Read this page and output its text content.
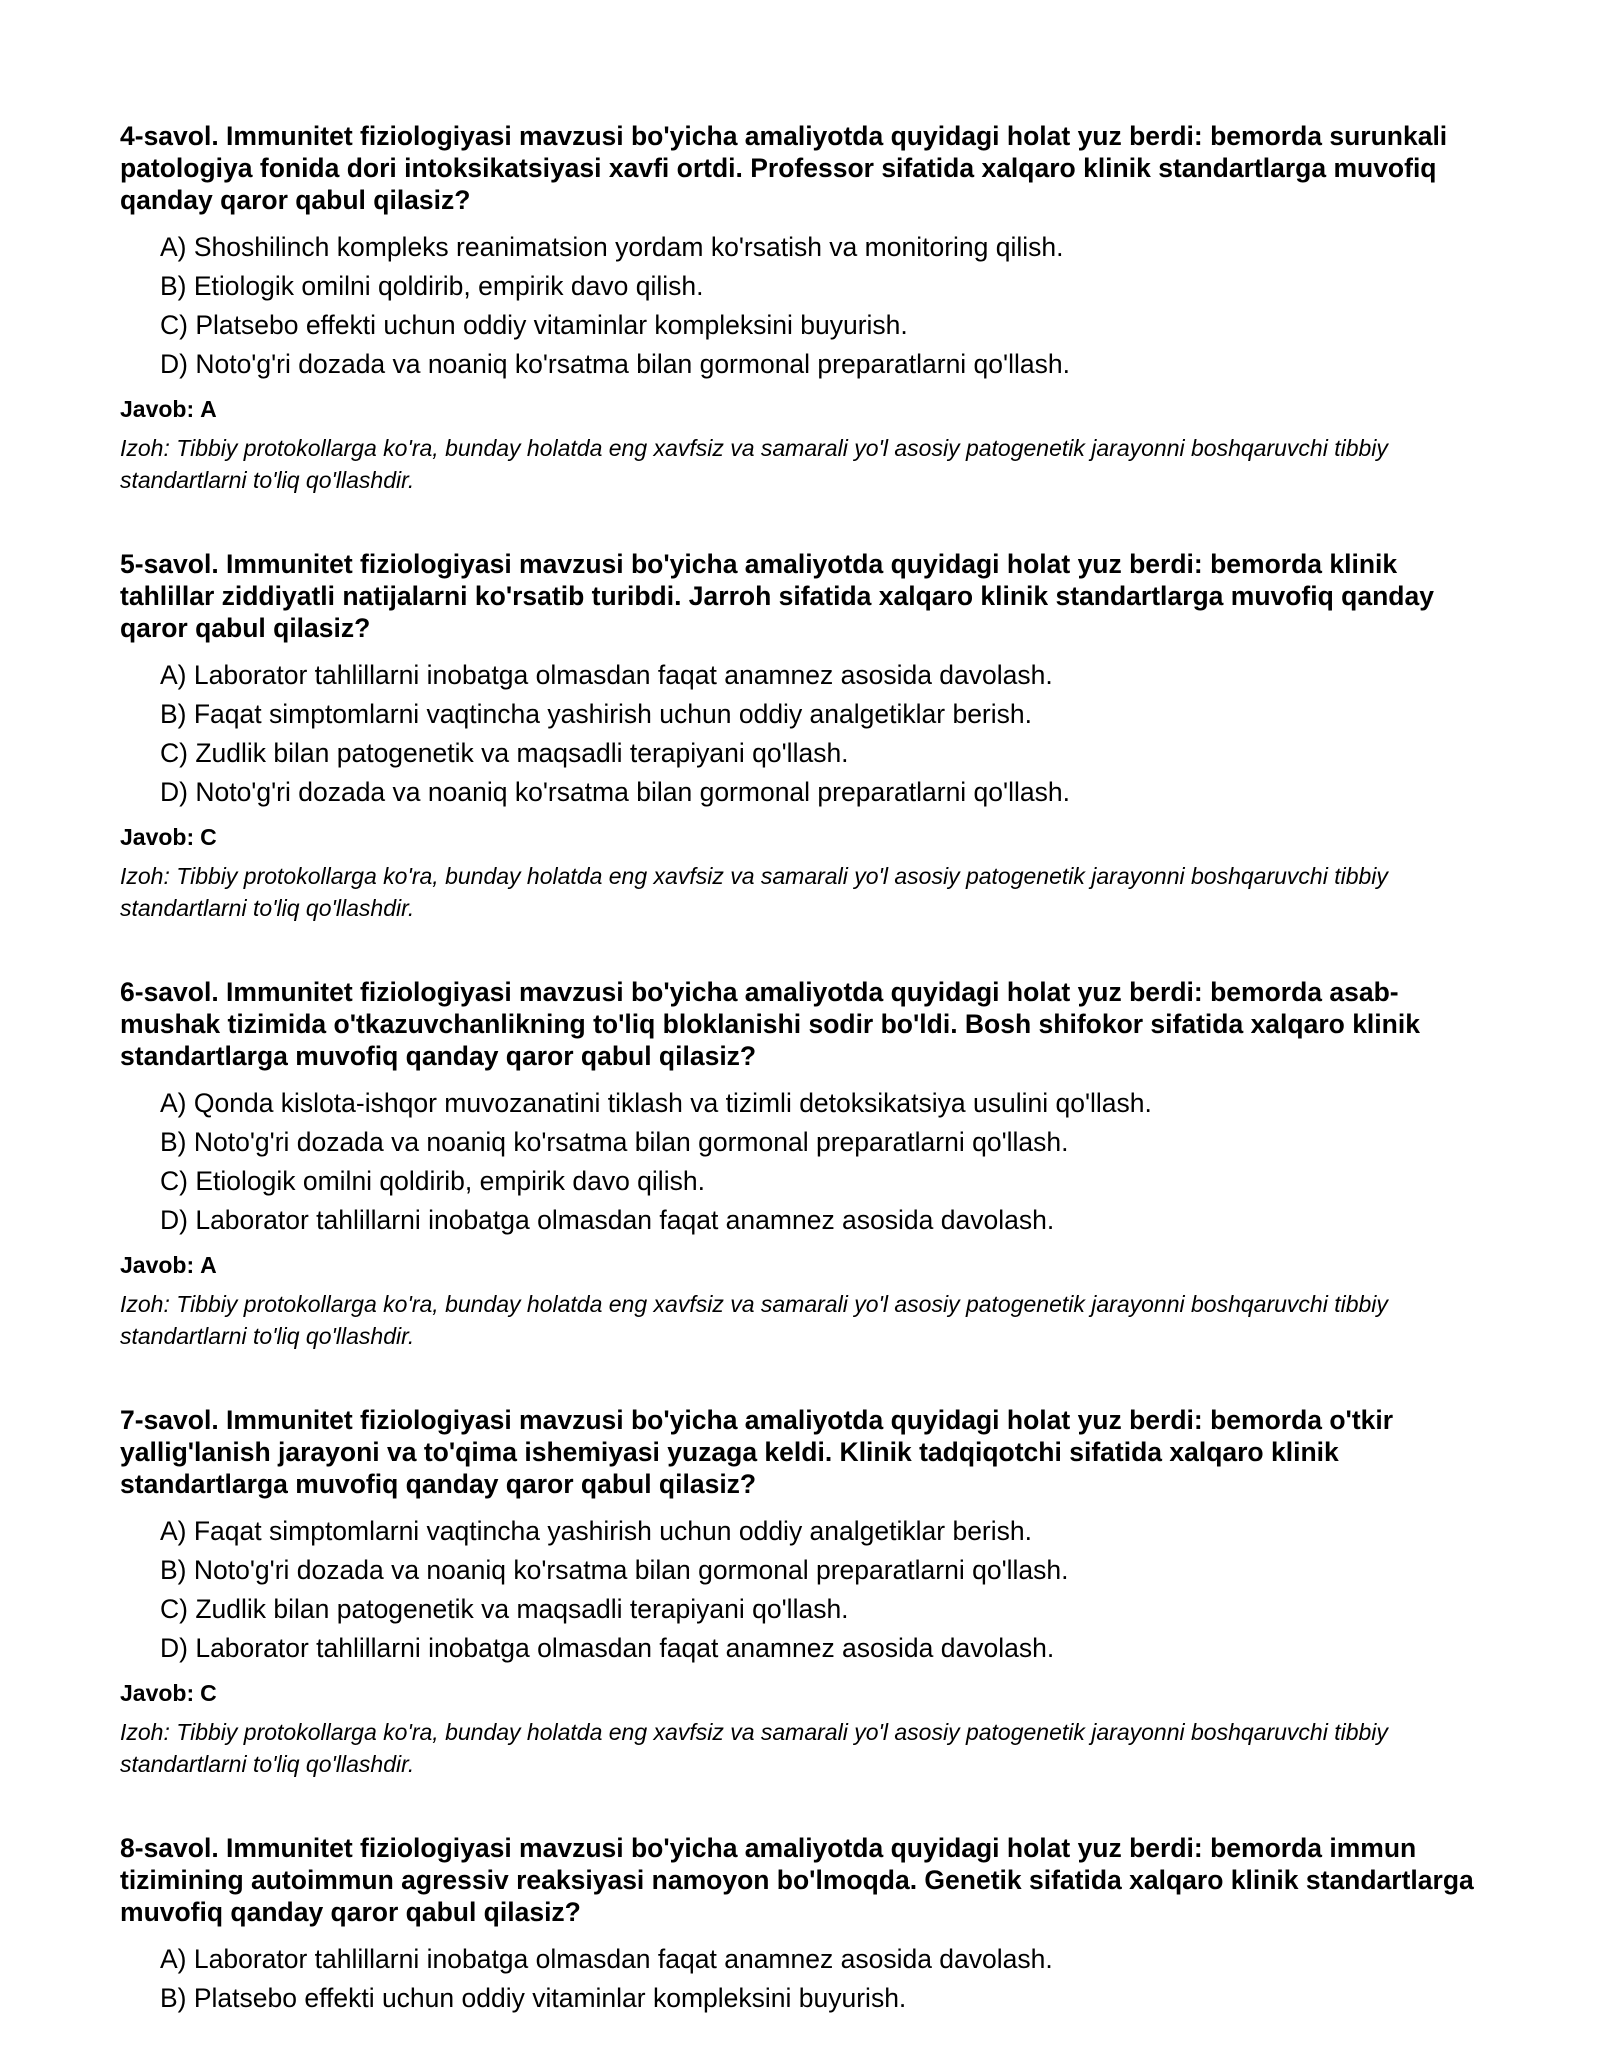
4-savol. Immunitet fiziologiyasi mavzusi bo'yicha amaliyotda quyidagi holat yuz berdi: bemorda surunkali patologiya fonida dori intoksikatsiyasi xavfi ortdi. Professor sifatida xalqaro klinik standartlarga muvofiq qanday qaror qabul qilasiz?

A) Shoshilinch kompleks reanimatsion yordam ko'rsatish va monitoring qilish.
B) Etiologik omilni qoldirib, empirik davo qilish.
C) Platsebo effekti uchun oddiy vitaminlar kompleksini buyurish.
D) Noto'g'ri dozada va noaniq ko'rsatma bilan gormonal preparatlarni qo'llash.

Javob: A

Izoh: Tibbiy protokollarga ko'ra, bunday holatda eng xavfsiz va samarali yo'l asosiy patogenetik jarayonni boshqaruvchi tibbiy standartlarni to'liq qo'llashdir.

5-savol. Immunitet fiziologiyasi mavzusi bo'yicha amaliyotda quyidagi holat yuz berdi: bemorda klinik tahlillar ziddiyatli natijalarni ko'rsatib turibdi. Jarroh sifatida xalqaro klinik standartlarga muvofiq qanday qaror qabul qilasiz?

A) Laborator tahlillarni inobatga olmasdan faqat anamnez asosida davolash.
B) Faqat simptomlarni vaqtincha yashirish uchun oddiy analgetiklar berish.
C) Zudlik bilan patogenetik va maqsadli terapiyani qo'llash.
D) Noto'g'ri dozada va noaniq ko'rsatma bilan gormonal preparatlarni qo'llash.

Javob: C

Izoh: Tibbiy protokollarga ko'ra, bunday holatda eng xavfsiz va samarali yo'l asosiy patogenetik jarayonni boshqaruvchi tibbiy standartlarni to'liq qo'llashdir.

6-savol. Immunitet fiziologiyasi mavzusi bo'yicha amaliyotda quyidagi holat yuz berdi: bemorda asab-mushak tizimida o'tkazuvchanlikning to'liq bloklanishi sodir bo'ldi. Bosh shifokor sifatida xalqaro klinik standartlarga muvofiq qanday qaror qabul qilasiz?

A) Qonda kislota-ishqor muvozanatini tiklash va tizimli detoksikatsiya usulini qo'llash.
B) Noto'g'ri dozada va noaniq ko'rsatma bilan gormonal preparatlarni qo'llash.
C) Etiologik omilni qoldirib, empirik davo qilish.
D) Laborator tahlillarni inobatga olmasdan faqat anamnez asosida davolash.

Javob: A

Izoh: Tibbiy protokollarga ko'ra, bunday holatda eng xavfsiz va samarali yo'l asosiy patogenetik jarayonni boshqaruvchi tibbiy standartlarni to'liq qo'llashdir.

7-savol. Immunitet fiziologiyasi mavzusi bo'yicha amaliyotda quyidagi holat yuz berdi: bemorda o'tkir yallig'lanish jarayoni va to'qima ishemiyasi yuzaga keldi. Klinik tadqiqotchi sifatida xalqaro klinik standartlarga muvofiq qanday qaror qabul qilasiz?

A) Faqat simptomlarni vaqtincha yashirish uchun oddiy analgetiklar berish.
B) Noto'g'ri dozada va noaniq ko'rsatma bilan gormonal preparatlarni qo'llash.
C) Zudlik bilan patogenetik va maqsadli terapiyani qo'llash.
D) Laborator tahlillarni inobatga olmasdan faqat anamnez asosida davolash.

Javob: C

Izoh: Tibbiy protokollarga ko'ra, bunday holatda eng xavfsiz va samarali yo'l asosiy patogenetik jarayonni boshqaruvchi tibbiy standartlarni to'liq qo'llashdir.

8-savol. Immunitet fiziologiyasi mavzusi bo'yicha amaliyotda quyidagi holat yuz berdi: bemorda immun tizimining autoimmun agressiv reaksiyasi namoyon bo'lmoqda. Genetik sifatida xalqaro klinik standartlarga muvofiq qanday qaror qabul qilasiz?

A) Laborator tahlillarni inobatga olmasdan faqat anamnez asosida davolash.
B) Platsebo effekti uchun oddiy vitaminlar kompleksini buyurish.
